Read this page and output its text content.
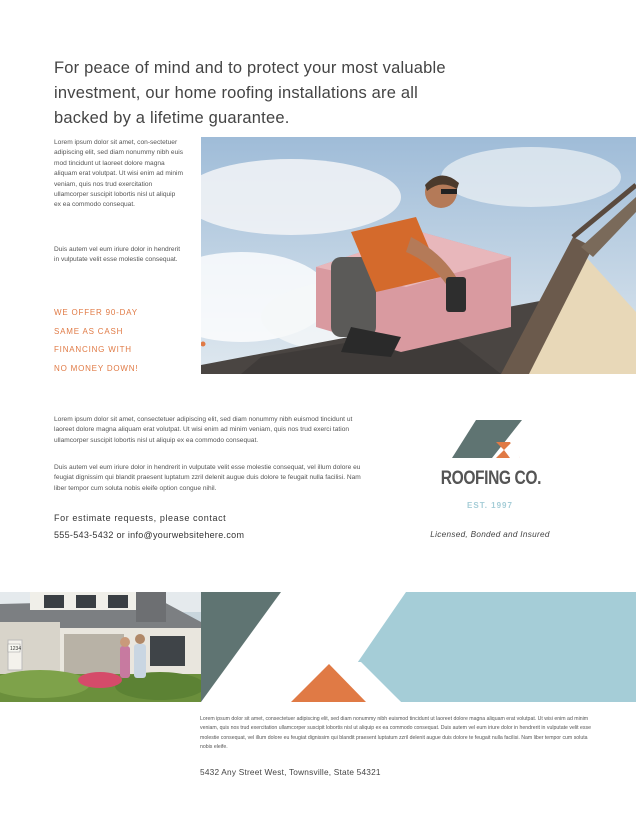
For peace of mind and to protect your most valuable investment, our home roofing installations are all backed by a lifetime guarantee.
Lorem ipsum dolor sit amet, con-sectetuer adipiscing elit, sed diam nonummy nibh euis mod tincidunt ut laoreet dolore magna aliquam erat volutpat. Ut wisi enim ad minim veniam, quis nos trud exercitation ullamcorper suscipit lobortis nisl ut aliquip ex ea commodo consequat.
Duis autem vel eum iriure dolor in hendrerit in vulputate velit esse molestie consequat.
WE OFFER 90-DAY
SAME AS CASH
FINANCING WITH
NO MONEY DOWN!
Lorem ipsum dolor sit amet, consectetuer adipiscing elit, sed diam nonummy nibh euismod tincidunt ut laoreet dolore magna aliquam erat volutpat. Ut wisi enim ad minim veniam, quis nos trud exerci tation ullamcorper suscipit lobortis nisl ut aliquip ex ea commodo consequat.
Duis autem vel eum iriure dolor in hendrerit in vulputate velit esse molestie consequat, vel illum dolore eu feugiat dignissim qui blandit praesent luptatum zzril delenit augue duis dolore te feugait nulla facilisi. Nam liber tempor cum soluta nobis eleife option congue nihil.
For estimate requests, please contact
555-543-5432 or info@yourwebsitehere.com
ROOFING CO.
EST. 1997
Licensed, Bonded and Insured
1234
Lorem ipsum dolor sit amet, consectetuer adipiscing elit, sed diam nonummy nibh euismod tincidunt ut laoreet dolore magna aliquam erat volutpat. Ut wisi enim ad minim veniam, quis nos trud exercitation ullamcorper suscipit lobortis nisl ut aliquip ex ea commodo consequat. Duis autem vel eum iriure dolor in hendrerit in vulputate velit esse molestie consequat, vel illum dolore eu feugiat dignissim qui blandit praesent luptatum zzril delenit augue duis dolore te feugait nulla facilisi. Nam liber tempor cum soluta nobis eleife.
5432 Any Street West, Townsville, State 54321
